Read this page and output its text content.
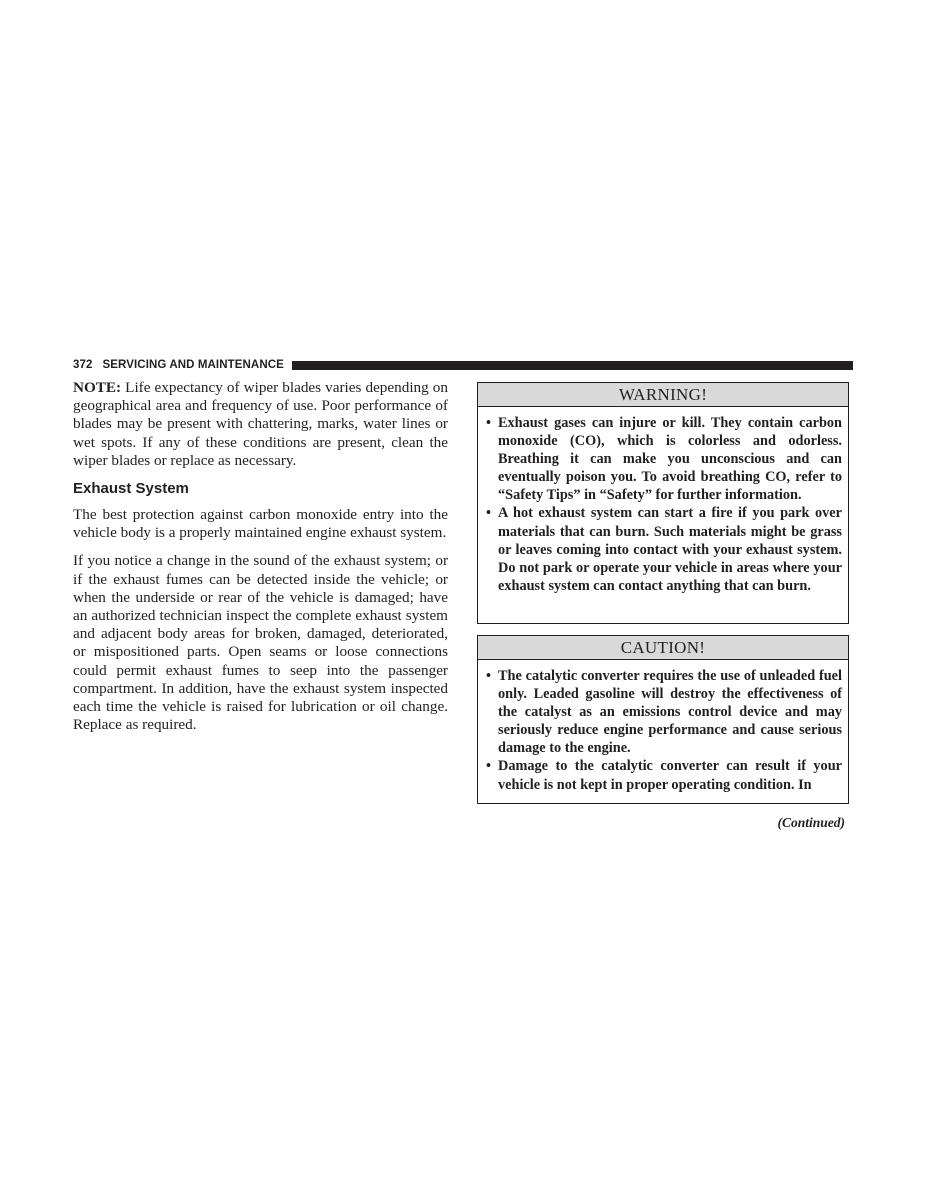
372 SERVICING AND MAINTENANCE

NOTE: Life expectancy of wiper blades varies depending on geographical area and frequency of use. Poor performance of blades may be present with chattering, marks, water lines or wet spots. If any of these conditions are present, clean the wiper blades or replace as necessary.

Exhaust System

The best protection against carbon monoxide entry into the vehicle body is a properly maintained engine exhaust system.

If you notice a change in the sound of the exhaust system; or if the exhaust fumes can be detected inside the vehicle; or when the underside or rear of the vehicle is damaged; have an authorized technician inspect the complete exhaust system and adjacent body areas for broken, damaged, deteriorated, or mispositioned parts. Open seams or loose connections could permit exhaust fumes to seep into the passenger compartment. In addition, have the exhaust system inspected each time the vehicle is raised for lubrication or oil change. Replace as required.

WARNING!
• Exhaust gases can injure or kill. They contain carbon monoxide (CO), which is colorless and odorless. Breathing it can make you unconscious and can eventually poison you. To avoid breathing CO, refer to “Safety Tips” in “Safety” for further information.
• A hot exhaust system can start a fire if you park over materials that can burn. Such materials might be grass or leaves coming into contact with your exhaust system. Do not park or operate your vehicle in areas where your exhaust system can contact anything that can burn.
CAUTION!
• The catalytic converter requires the use of unleaded fuel only. Leaded gasoline will destroy the effectiveness of the catalyst as an emissions control device and may seriously reduce engine performance and cause serious damage to the engine.
• Damage to the catalytic converter can result if your vehicle is not kept in proper operating condition. In
(Continued)
